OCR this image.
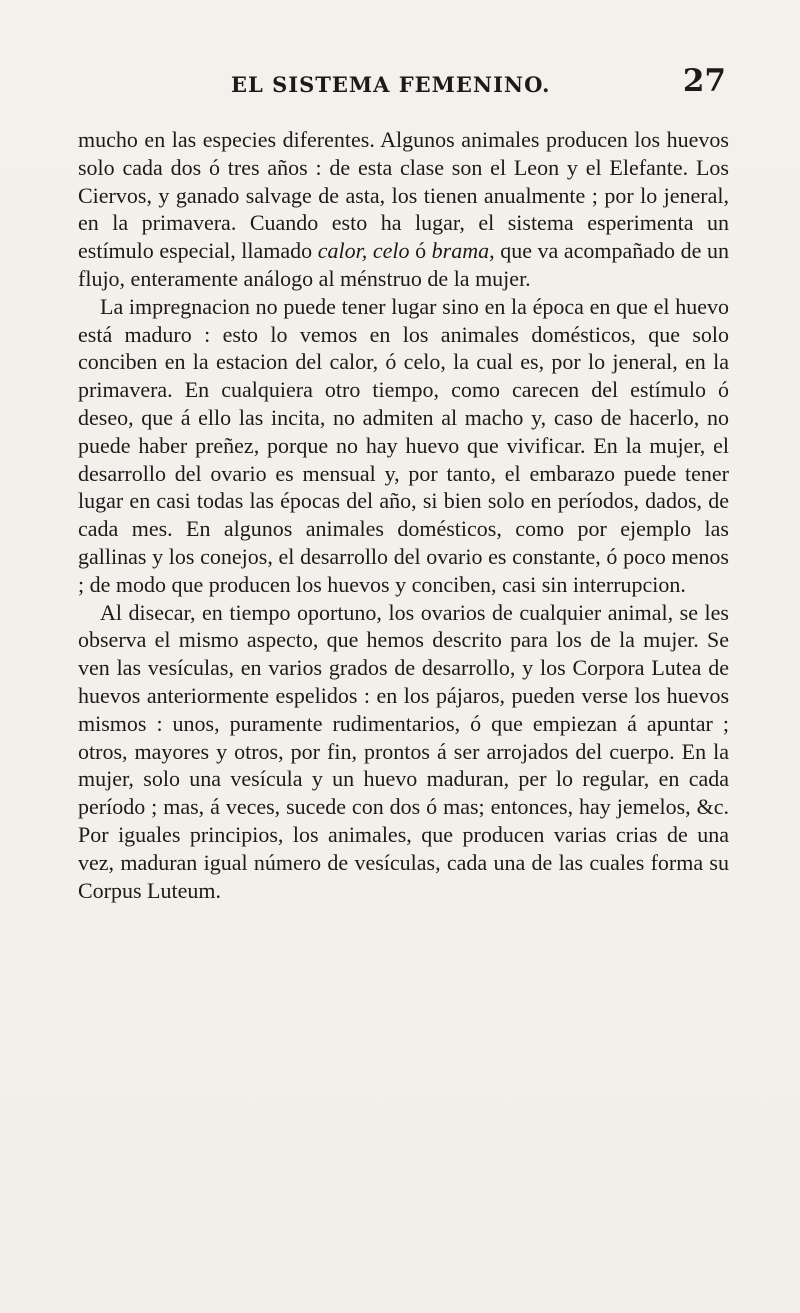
EL SISTEMA FEMENINO.	27

mucho en las especies diferentes. Algunos animales producen los huevos solo cada dos ó tres años : de esta clase son el Leon y el Elefante. Los Ciervos, y ganado salvage de asta, los tienen anualmente ; por lo jeneral, en la primavera. Cuando esto ha lugar, el sistema esperimenta un estímulo especial, llamado calor, celo ó brama, que va acompañado de un flujo, enteramente análogo al ménstruo de la mujer.

La impregnacion no puede tener lugar sino en la época en que el huevo está maduro : esto lo vemos en los animales domésticos, que solo conciben en la estacion del calor, ó celo, la cual es, por lo jeneral, en la primavera. En cualquiera otro tiempo, como carecen del estímulo ó deseo, que á ello las incita, no admiten al macho y, caso de hacerlo, no puede haber preñez, porque no hay huevo que vivificar. En la mujer, el desarrollo del ovario es mensual y, por tanto, el embarazo puede tener lugar en casi todas las épocas del año, si bien solo en períodos, dados, de cada mes. En algunos animales domésticos, como por ejemplo las gallinas y los conejos, el desarrollo del ovario es constante, ó poco menos ; de modo que producen los huevos y conciben, casi sin interrupcion.

Al disecar, en tiempo oportuno, los ovarios de cualquier animal, se les observa el mismo aspecto, que hemos descrito para los de la mujer. Se ven las vesículas, en varios grados de desarrollo, y los Corpora Lutea de huevos anteriormente espelidos : en los pájaros, pueden verse los huevos mismos : unos, puramente rudimentarios, ó que empiezan á apuntar ; otros, mayores y otros, por fin, prontos á ser arrojados del cuerpo. En la mujer, solo una vesícula y un huevo maduran, per lo regular, en cada período ; mas, á veces, sucede con dos ó mas; entonces, hay jemelos, &c. Por iguales principios, los animales, que producen varias crias de una vez, maduran igual número de vesículas, cada una de las cuales forma su Corpus Luteum.
